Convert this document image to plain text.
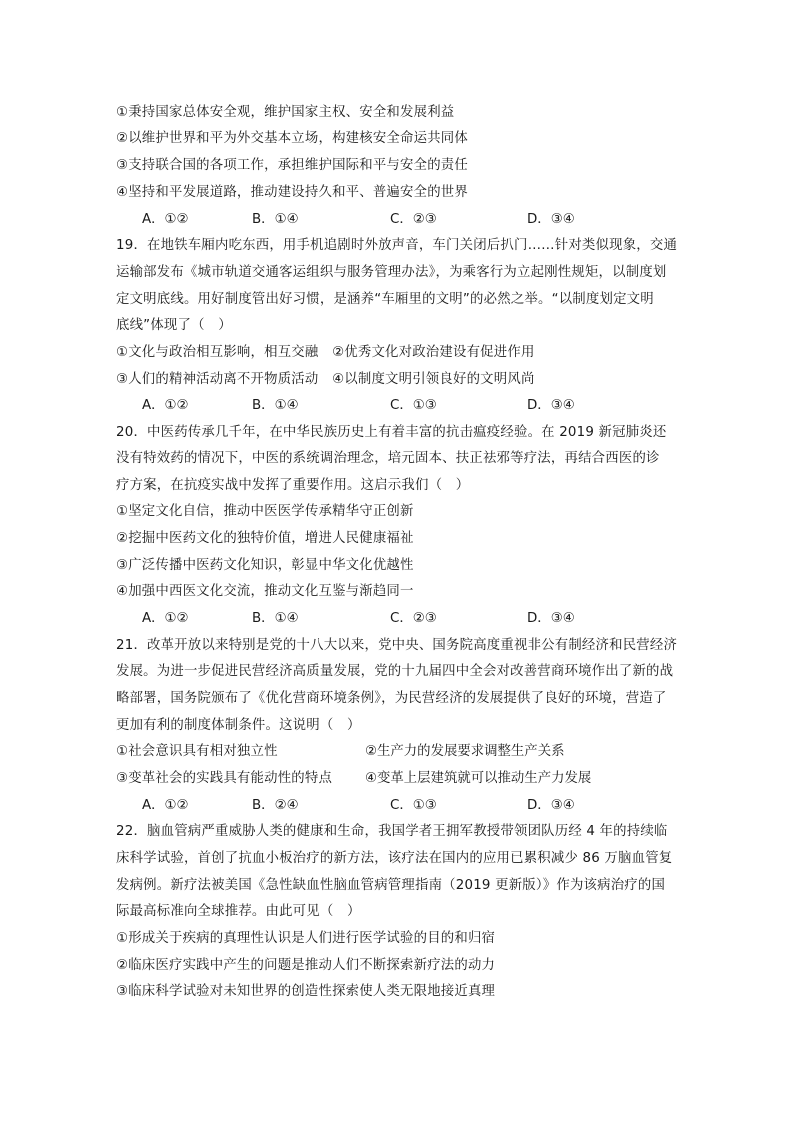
①秉持国家总体安全观，维护国家主权、安全和发展利益
②以维护世界和平为外交基本立场，构建核安全命运共同体
③支持联合国的各项工作，承担维护国际和平与安全的责任
④坚持和平发展道路，推动建设持久和平、普遍安全的世界
A．①②	B．①④	C．②③	D．③④
19．在地铁车厢内吃东西，用手机追剧时外放声音，车门关闭后扒门……针对类似现象，交通
运输部发布《城市轨道交通客运组织与服务管理办法》，为乘客行为立起刚性规矩，以制度划
定文明底线。用好制度管出好习惯，是涵养“车厢里的文明”的必然之举。“以制度划定文明
底线”体现了（　）
①文化与政治相互影响，相互交融　②优秀文化对政治建设有促进作用
③人们的精神活动离不开物质活动　④以制度文明引领良好的文明风尚
A．①②	B．①④	C．①③	D．③④
20．中医药传承几千年，在中华民族历史上有着丰富的抗击瘟疫经验。在 2019 新冠肺炎还
没有特效药的情况下，中医的系统调治理念，培元固本、扶正祛邪等疗法，再结合西医的诊
疗方案，在抗疫实战中发挥了重要作用。这启示我们（　）
①坚定文化自信，推动中医医学传承精华守正创新
②挖掘中医药文化的独特价值，增进人民健康福祉
③广泛传播中医药文化知识，彰显中华文化优越性
④加强中西医文化交流，推动文化互鉴与渐趋同一
A．①②	B．①④	C．②③	D．③④
21．改革开放以来特别是党的十八大以来，党中央、国务院高度重视非公有制经济和民营经济
发展。为进一步促进民营经济高质量发展，党的十九届四中全会对改善营商环境作出了新的战
略部署，国务院颁布了《优化营商环境条例》，为民营经济的发展提供了良好的环境，营造了
更加有利的制度体制条件。这说明（　）
①社会意识具有相对独立性	②生产力的发展要求调整生产关系
③变革社会的实践具有能动性的特点 ④变革上层建筑就可以推动生产力发展
A．①②	B．②④	C．①③	D．③④
22．脑血管病严重威胁人类的健康和生命，我国学者王拥军教授带领团队历经 4 年的持续临
床科学试验，首创了抗血小板治疗的新方法，该疗法在国内的应用已累积减少 86 万脑血管复
发病例。新疗法被美国《急性缺血性脑血管病管理指南（2019 更新版）》作为该病治疗的国
际最高标准向全球推荐。由此可见（　）
①形成关于疾病的真理性认识是人们进行医学试验的目的和归宿
②临床医疗实践中产生的问题是推动人们不断探索新疗法的动力
③临床科学试验对未知世界的创造性探索使人类无限地接近真理
